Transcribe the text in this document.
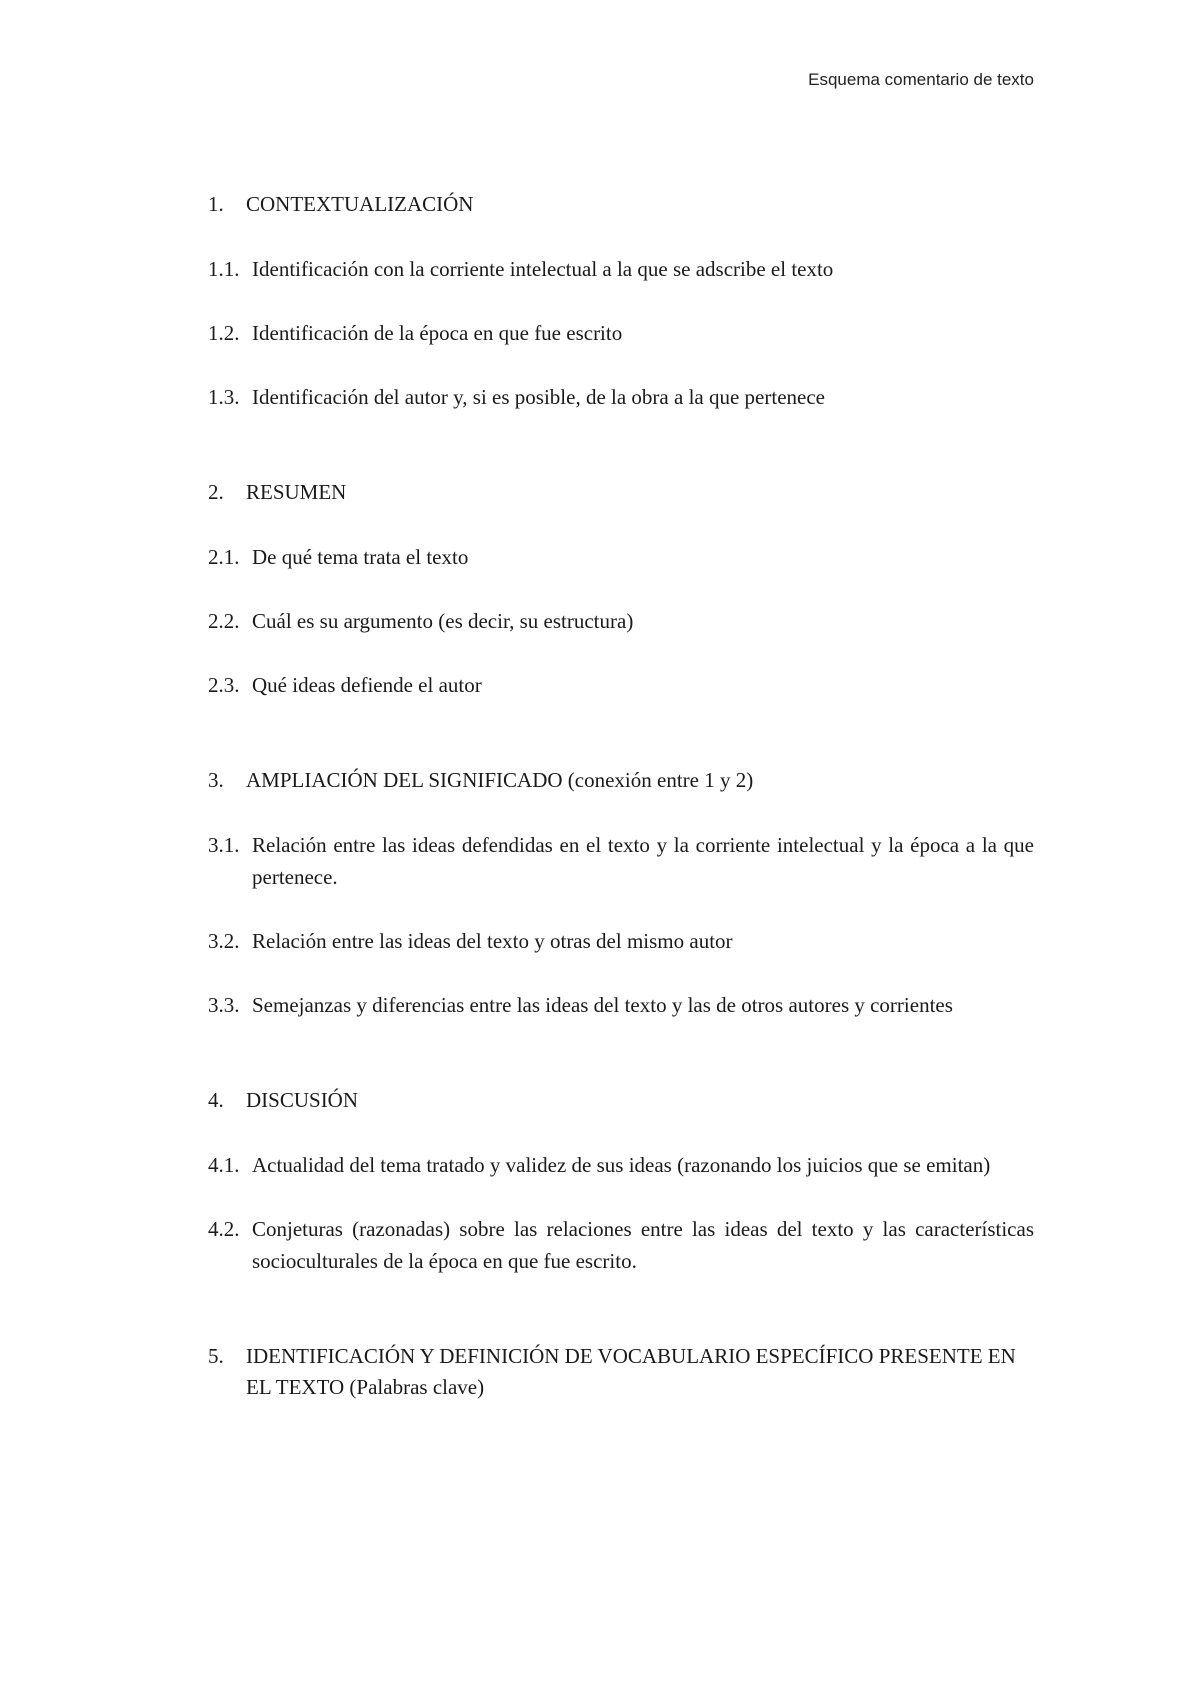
Esquema comentario de texto
1.	CONTEXTUALIZACIÓN
1.1. Identificación con la corriente intelectual a la que se adscribe el texto
1.2. Identificación de la época en que fue escrito
1.3. Identificación del autor y, si es posible, de la obra a la que pertenece
2.	RESUMEN
2.1. De qué tema trata el texto
2.2. Cuál es su argumento (es decir, su estructura)
2.3. Qué ideas defiende el autor
3.	AMPLIACIÓN DEL SIGNIFICADO (conexión entre 1 y 2)
3.1. Relación entre las ideas defendidas en el texto y la corriente intelectual y la época a la que pertenece.
3.2. Relación entre las ideas del texto y otras del mismo autor
3.3. Semejanzas y diferencias entre las ideas del texto y las de otros autores y corrientes
4.	DISCUSIÓN
4.1. Actualidad del tema tratado y validez de sus ideas (razonando los juicios que se emitan)
4.2. Conjeturas (razonadas) sobre las relaciones entre las ideas del texto y las características socioculturales de la época en que fue escrito.
5.	IDENTIFICACIÓN Y DEFINICIÓN DE VOCABULARIO ESPECÍFICO PRESENTE EN EL TEXTO (Palabras clave)
